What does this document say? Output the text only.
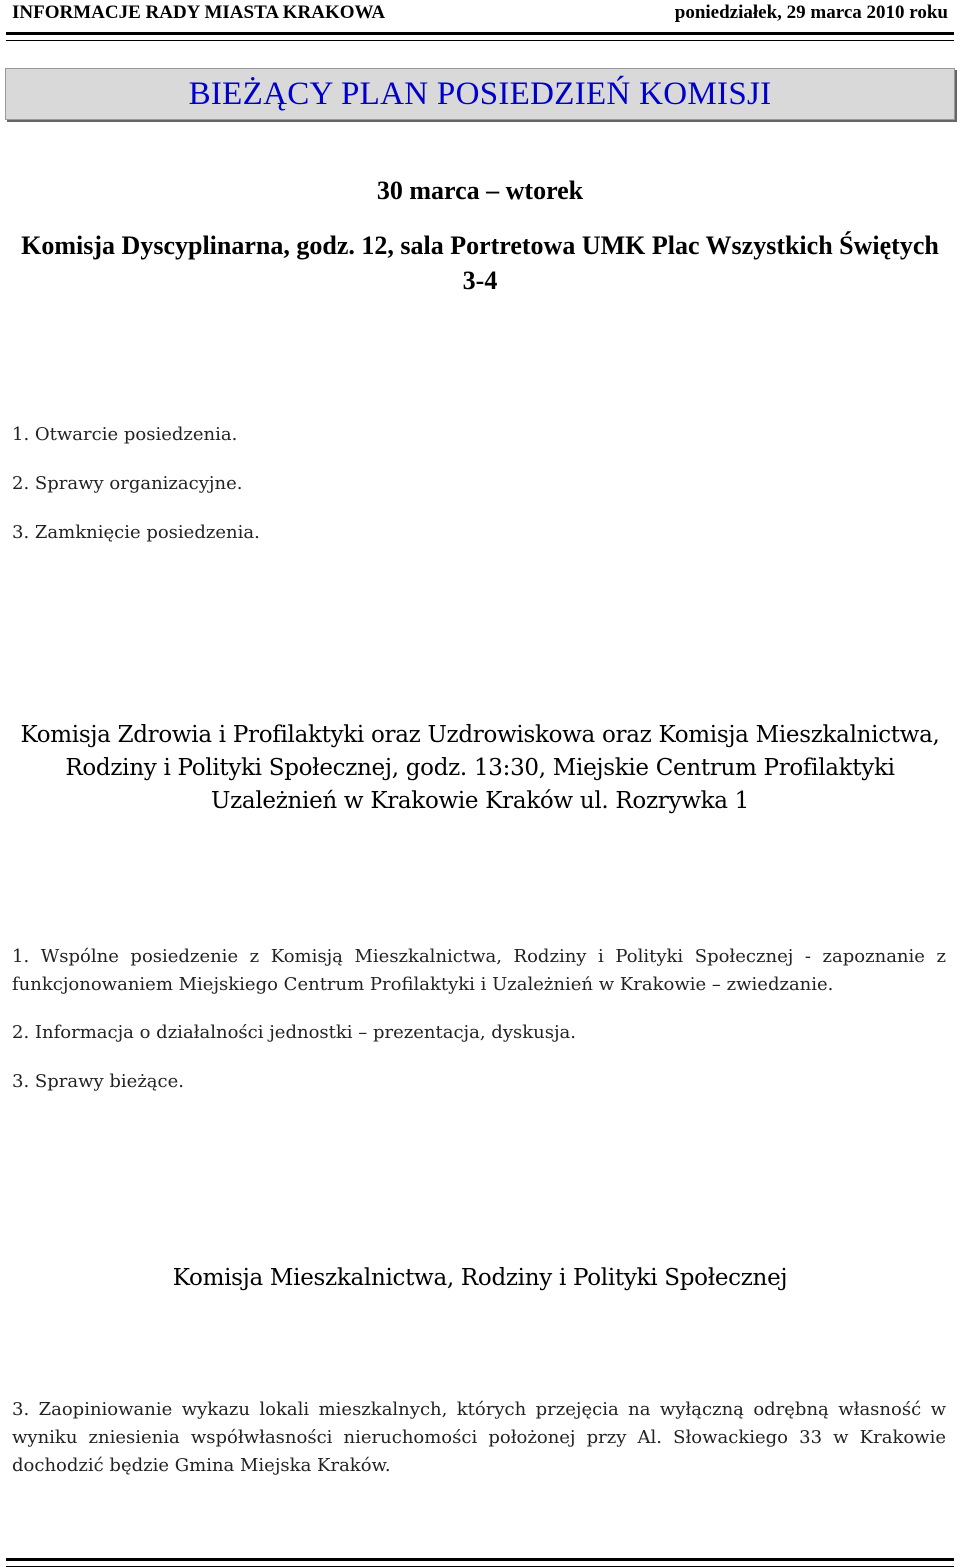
INFORMACJE RADY MIASTA KRAKOWA	poniedziałek, 29 marca 2010 roku
BIEŻĄCY PLAN POSIEDZIEŃ KOMISJI
30 marca – wtorek
Komisja Dyscyplinarna, godz. 12, sala Portretowa UMK Plac Wszystkich Świętych 3-4
1. Otwarcie posiedzenia.
2. Sprawy organizacyjne.
3. Zamknięcie posiedzenia.
Komisja Zdrowia i Profilaktyki oraz Uzdrowiskowa oraz Komisja Mieszkalnictwa, Rodziny i Polityki Społecznej, godz. 13:30, Miejskie Centrum Profilaktyki Uzależnień w Krakowie Kraków ul. Rozrywka 1

1. Wspólne posiedzenie z Komisją Mieszkalnictwa, Rodziny i Polityki Społecznej - zapoznanie z funkcjonowaniem Miejskiego Centrum Profilaktyki i Uzależnień w Krakowie – zwiedzanie.

2. Informacja o działalności jednostki – prezentacja, dyskusja.

3. Sprawy bieżące.

Komisja Mieszkalnictwa, Rodziny i Polityki Społecznej

3. Zaopiniowanie wykazu lokali mieszkalnych, których przejęcia na wyłączną odrębną własność w wyniku zniesienia współwłasności nieruchomości położonej przy Al. Słowackiego 33 w Krakowie dochodzić będzie Gmina Miejska Kraków.
